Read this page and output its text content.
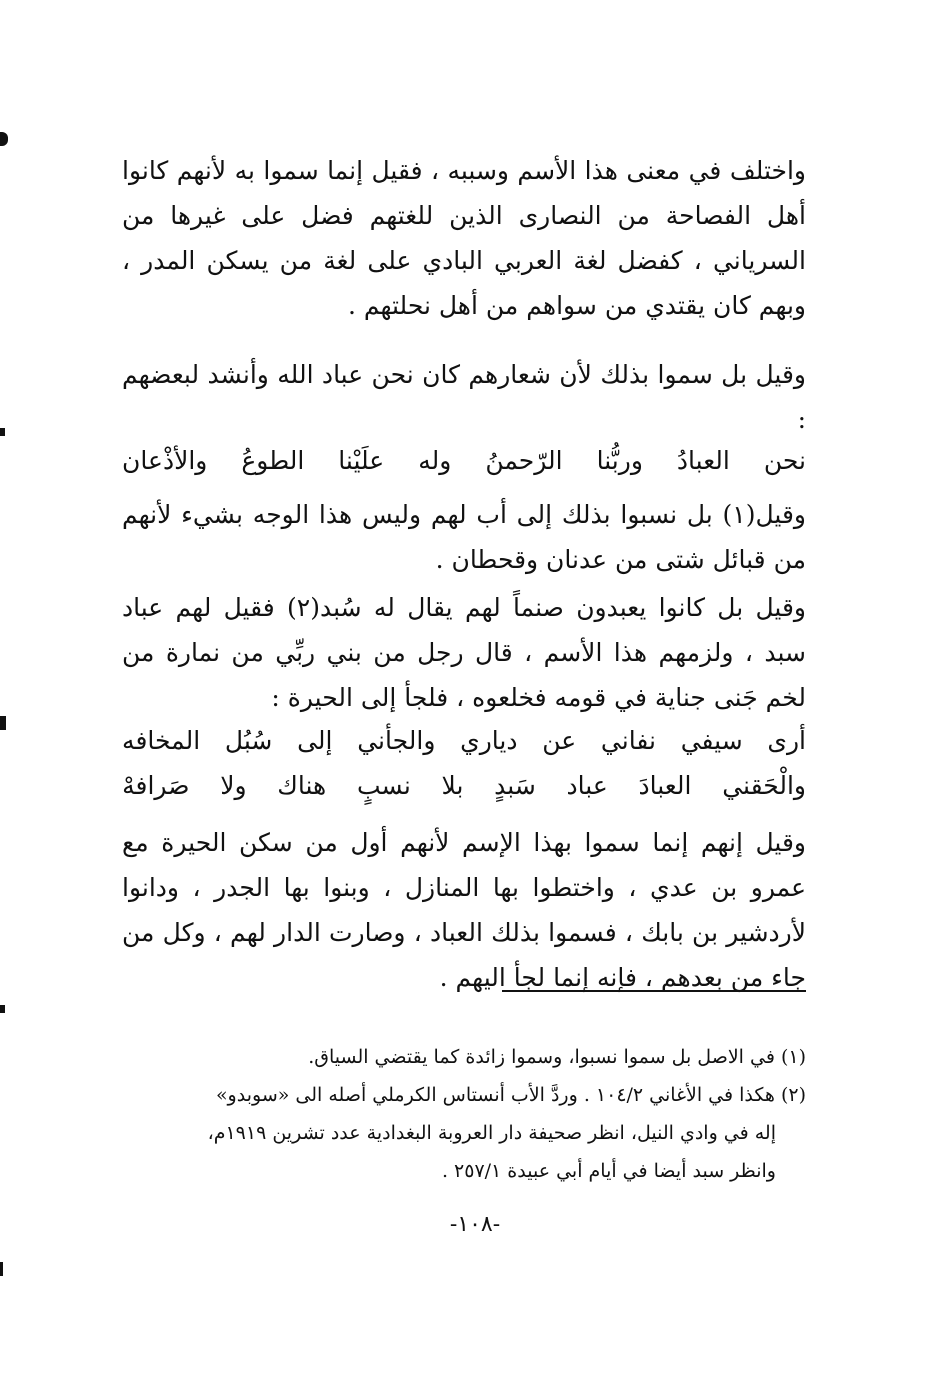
واختلف في معنى هذا الأسم وسببه ، فقيل إنما سموا به لأنهم كانوا أهل الفصاحة من النصارى الذين للغتهم فضل على غيرها من السرياني ، كفضل لغة العربي البادي على لغة من يسكن المدر ، وبهم كان يقتدي من سواهم من أهل نحلتهم .

وقيل بل سموا بذلك لأن شعارهم كان نحن عباد الله وأنشد لبعضهم :

نحن
العبادُ
وربُّنا
الرّحمنُ
وله
علَيْنا
الطوعُ
والأذْعان

وقيل(١) بل نسبوا بذلك إلى أب لهم وليس هذا الوجه بشيء لأنهم من قبائل شتى من عدنان وقحطان .

وقيل بل كانوا يعبدون صنماً لهم يقال له سُبد(٢) فقيل لهم عباد سبد ، ولزمهم هذا الأسم ، قال رجل من بني ربِّي من نمارة من لخم جَنى جناية في قومه فخلعوه ، فلجأ إلى الحيرة :

أرى
سيفي
نفاني
عن
دياري
والجأني
إلى
سُبُل
المخافه
والْحَقني
العبادَ
عباد
سَبدٍ
بلا
نسبٍ
هناك
ولا
صَرافهْ

وقيل إنهم إنما سموا بهذا الإسم لأنهم أول من سكن الحيرة مع عمرو بن عدي ، واختطوا بها المنازل ، وبنوا بها الجدر ، ودانوا لأردشير بن بابك ، فسموا بذلك العباد ، وصارت الدار لهم ، وكل من جاء من بعدهم ، فإنه إنما لجأ اليهم .

(١) في الاصل بل سموا نسبوا، وسموا زائدة كما يقتضي السياق.
(٢) هكذا في الأغاني ١٠٤/٢ . وردَّ الأب أنستاس الكرملي أصله الى «سوبدو»
إله في وادي النيل، انظر صحيفة دار العروبة البغدادية عدد تشرين ١٩١٩م،
وانظر سبد أيضا في أيام أبي عبيدة ٢٥٧/١ .
-١٠٨-
